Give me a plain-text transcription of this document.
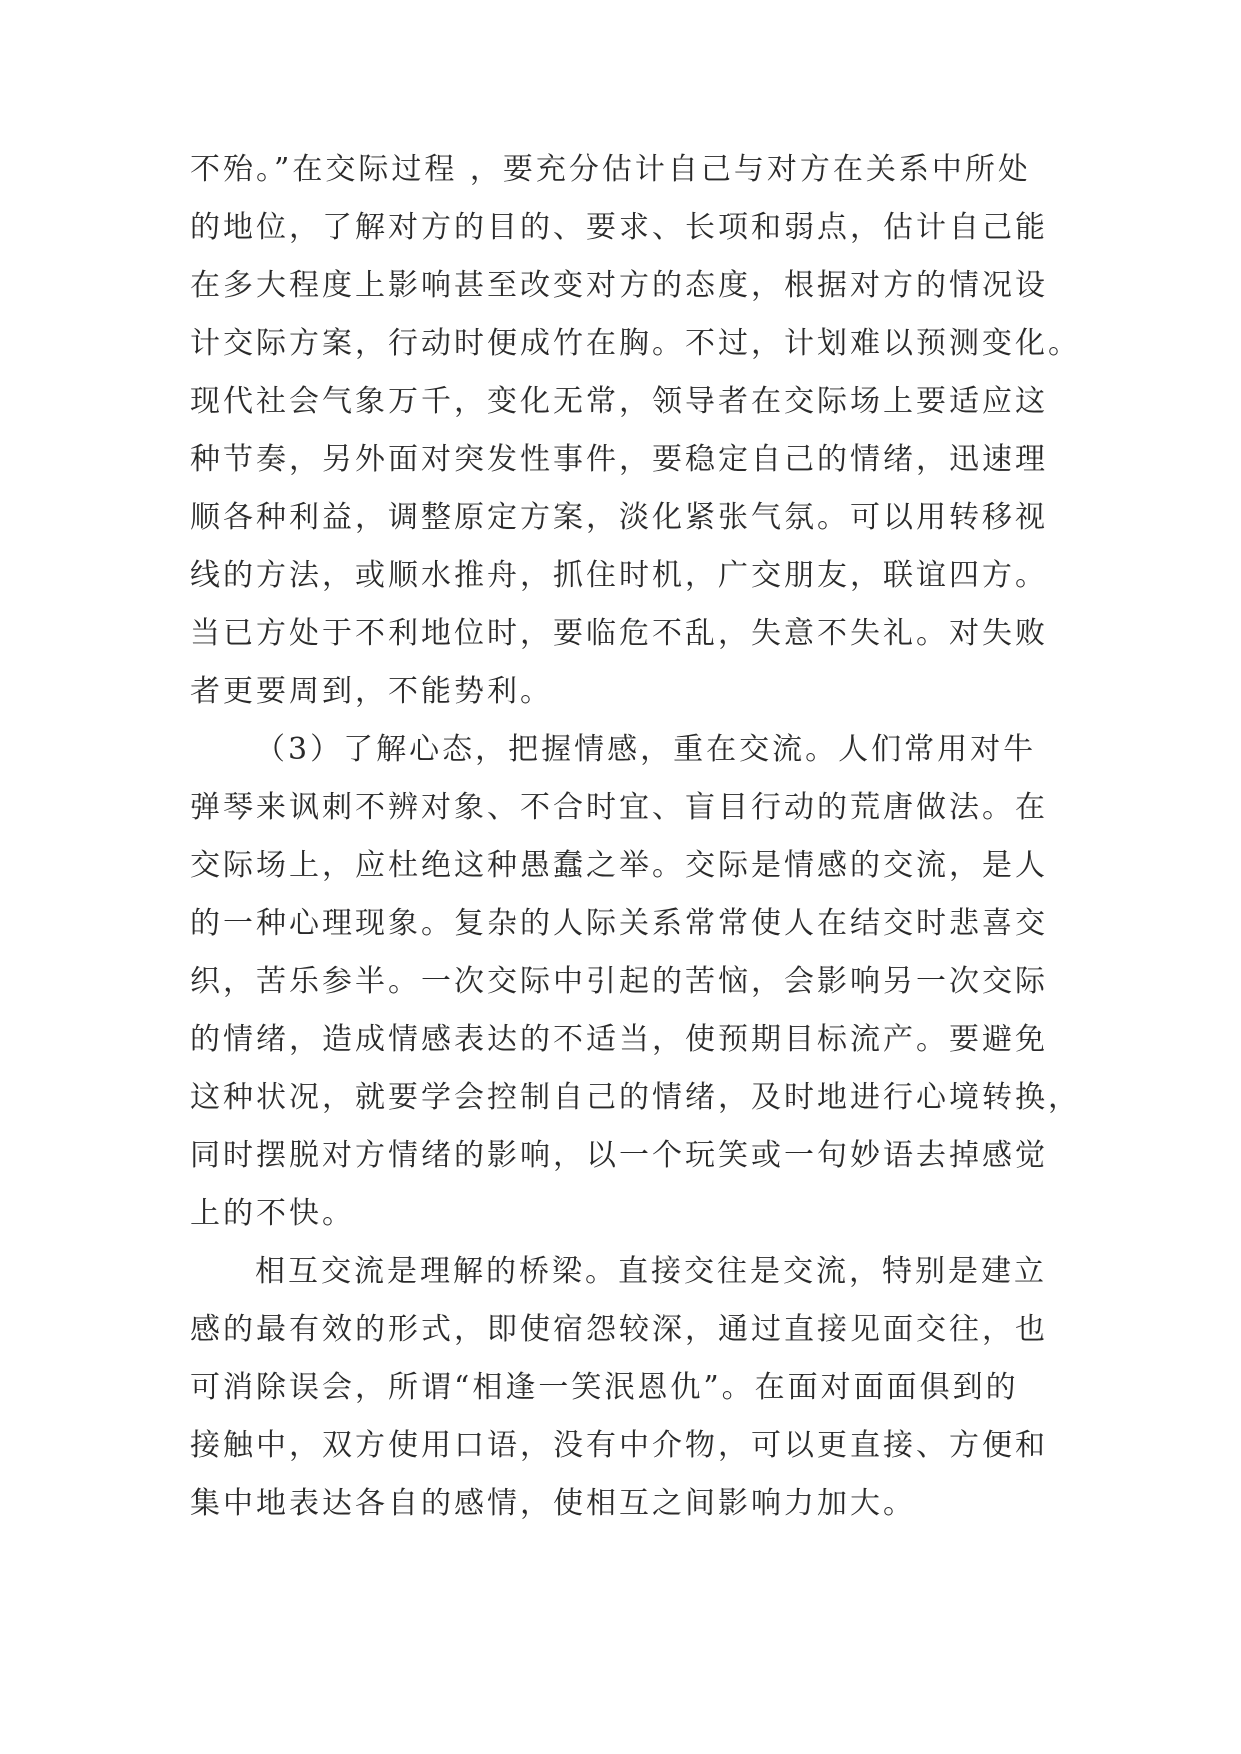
不殆。”在交际过程 ，要充分估计自己与对方在关系中所处
的地位，了解对方的目的、要求、长项和弱点，估计自己能
在多大程度上影响甚至改变对方的态度，根据对方的情况设
计交际方案，行动时便成竹在胸。不过，计划难以预测变化。
现代社会气象万千，变化无常，领导者在交际场上要适应这
种节奏，另外面对突发性事件，要稳定自己的情绪，迅速理
顺各种利益，调整原定方案，淡化紧张气氛。可以用转移视
线的方法，或顺水推舟，抓住时机，广交朋友，联谊四方。
当已方处于不利地位时，要临危不乱，失意不失礼。对失败
者更要周到，不能势利。
（3）了解心态，把握情感，重在交流。人们常用对牛
弹琴来讽刺不辨对象、不合时宜、盲目行动的荒唐做法。在
交际场上，应杜绝这种愚蠢之举。交际是情感的交流，是人
的一种心理现象。复杂的人际关系常常使人在结交时悲喜交
织，苦乐参半。一次交际中引起的苦恼，会影响另一次交际
的情绪，造成情感表达的不适当，使预期目标流产。要避免
这种状况，就要学会控制自己的情绪，及时地进行心境转换，
同时摆脱对方情绪的影响，以一个玩笑或一句妙语去掉感觉
上的不快。
相互交流是理解的桥梁。直接交往是交流，特别是建立
感的最有效的形式，即使宿怨较深，通过直接见面交往，也
可消除误会，所谓“相逢一笑泯恩仇”。在面对面面俱到的
接触中，双方使用口语，没有中介物，可以更直接、方便和
集中地表达各自的感情，使相互之间影响力加大。
